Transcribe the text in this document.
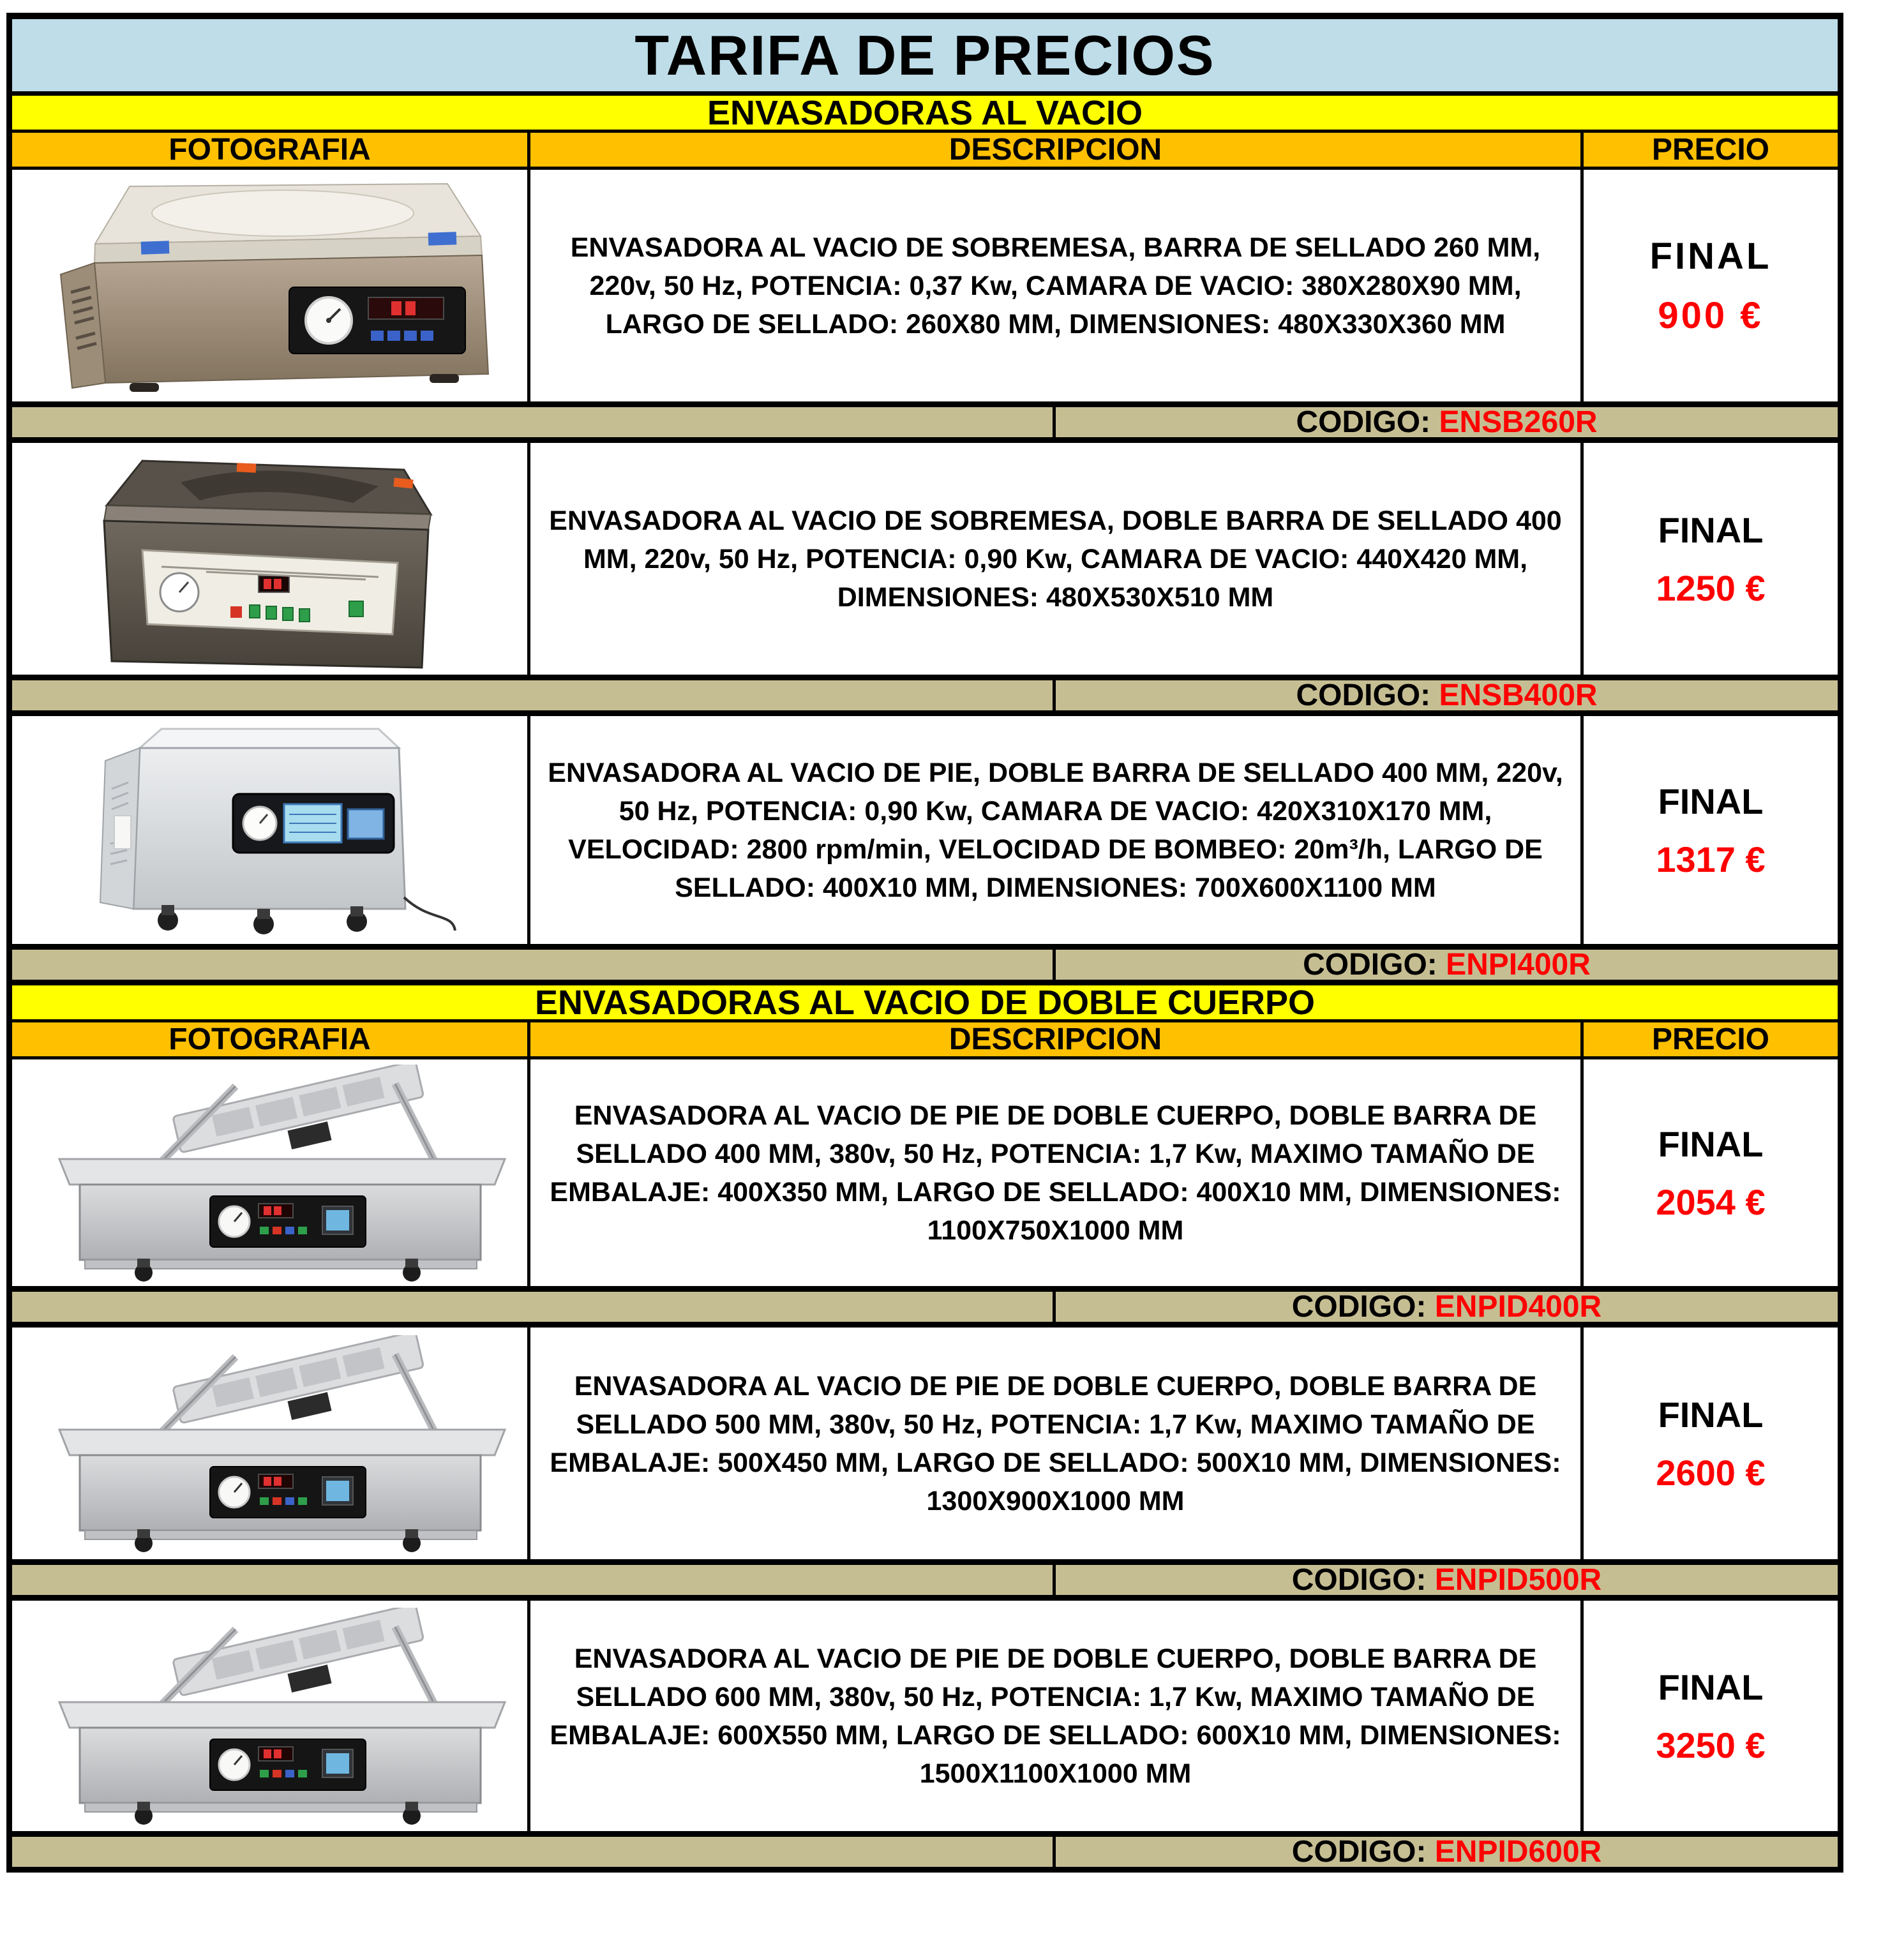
TARIFA DE PRECIOS
ENVASADORAS AL VACIO
FOTOGRAFIA	DESCRIPCION	PRECIO
ENVASADORA AL VACIO DE SOBREMESA, BARRA DE SELLADO 260 MM, 220v, 50 Hz, POTENCIA: 0,37 Kw, CAMARA DE VACIO: 380X280X90 MM, LARGO DE SELLADO: 260X80 MM, DIMENSIONES: 480X330X360 MM
FINAL
900 €
CODIGO: ENSB260R
ENVASADORA AL VACIO DE SOBREMESA, DOBLE BARRA DE SELLADO 400 MM, 220v, 50 Hz, POTENCIA: 0,90 Kw, CAMARA DE VACIO: 440X420 MM, DIMENSIONES: 480X530X510 MM
FINAL
1250 €
CODIGO: ENSB400R
ENVASADORA AL VACIO DE PIE, DOBLE BARRA DE SELLADO 400 MM, 220v, 50 Hz, POTENCIA: 0,90 Kw, CAMARA DE VACIO: 420X310X170 MM, VELOCIDAD: 2800 rpm/min, VELOCIDAD DE BOMBEO: 20m³/h, LARGO DE SELLADO: 400X10 MM, DIMENSIONES: 700X600X1100 MM
FINAL
1317 €
CODIGO: ENPI400R
ENVASADORAS AL VACIO DE DOBLE CUERPO
FOTOGRAFIA	DESCRIPCION	PRECIO
ENVASADORA AL VACIO DE PIE DE DOBLE CUERPO, DOBLE BARRA DE SELLADO 400 MM, 380v, 50 Hz, POTENCIA: 1,7 Kw, MAXIMO TAMAÑO DE EMBALAJE: 400X350 MM, LARGO DE SELLADO: 400X10 MM, DIMENSIONES: 1100X750X1000 MM
FINAL
2054 €
CODIGO: ENPID400R
ENVASADORA AL VACIO DE PIE DE DOBLE CUERPO, DOBLE BARRA DE SELLADO 500 MM, 380v, 50 Hz, POTENCIA: 1,7 Kw, MAXIMO TAMAÑO DE EMBALAJE: 500X450 MM, LARGO DE SELLADO: 500X10 MM, DIMENSIONES: 1300X900X1000 MM
FINAL
2600 €
CODIGO: ENPID500R
ENVASADORA AL VACIO DE PIE DE DOBLE CUERPO, DOBLE BARRA DE SELLADO 600 MM, 380v, 50 Hz, POTENCIA: 1,7 Kw, MAXIMO TAMAÑO DE EMBALAJE: 600X550 MM, LARGO DE SELLADO: 600X10 MM, DIMENSIONES: 1500X1100X1000 MM
FINAL
3250 €
CODIGO: ENPID600R
